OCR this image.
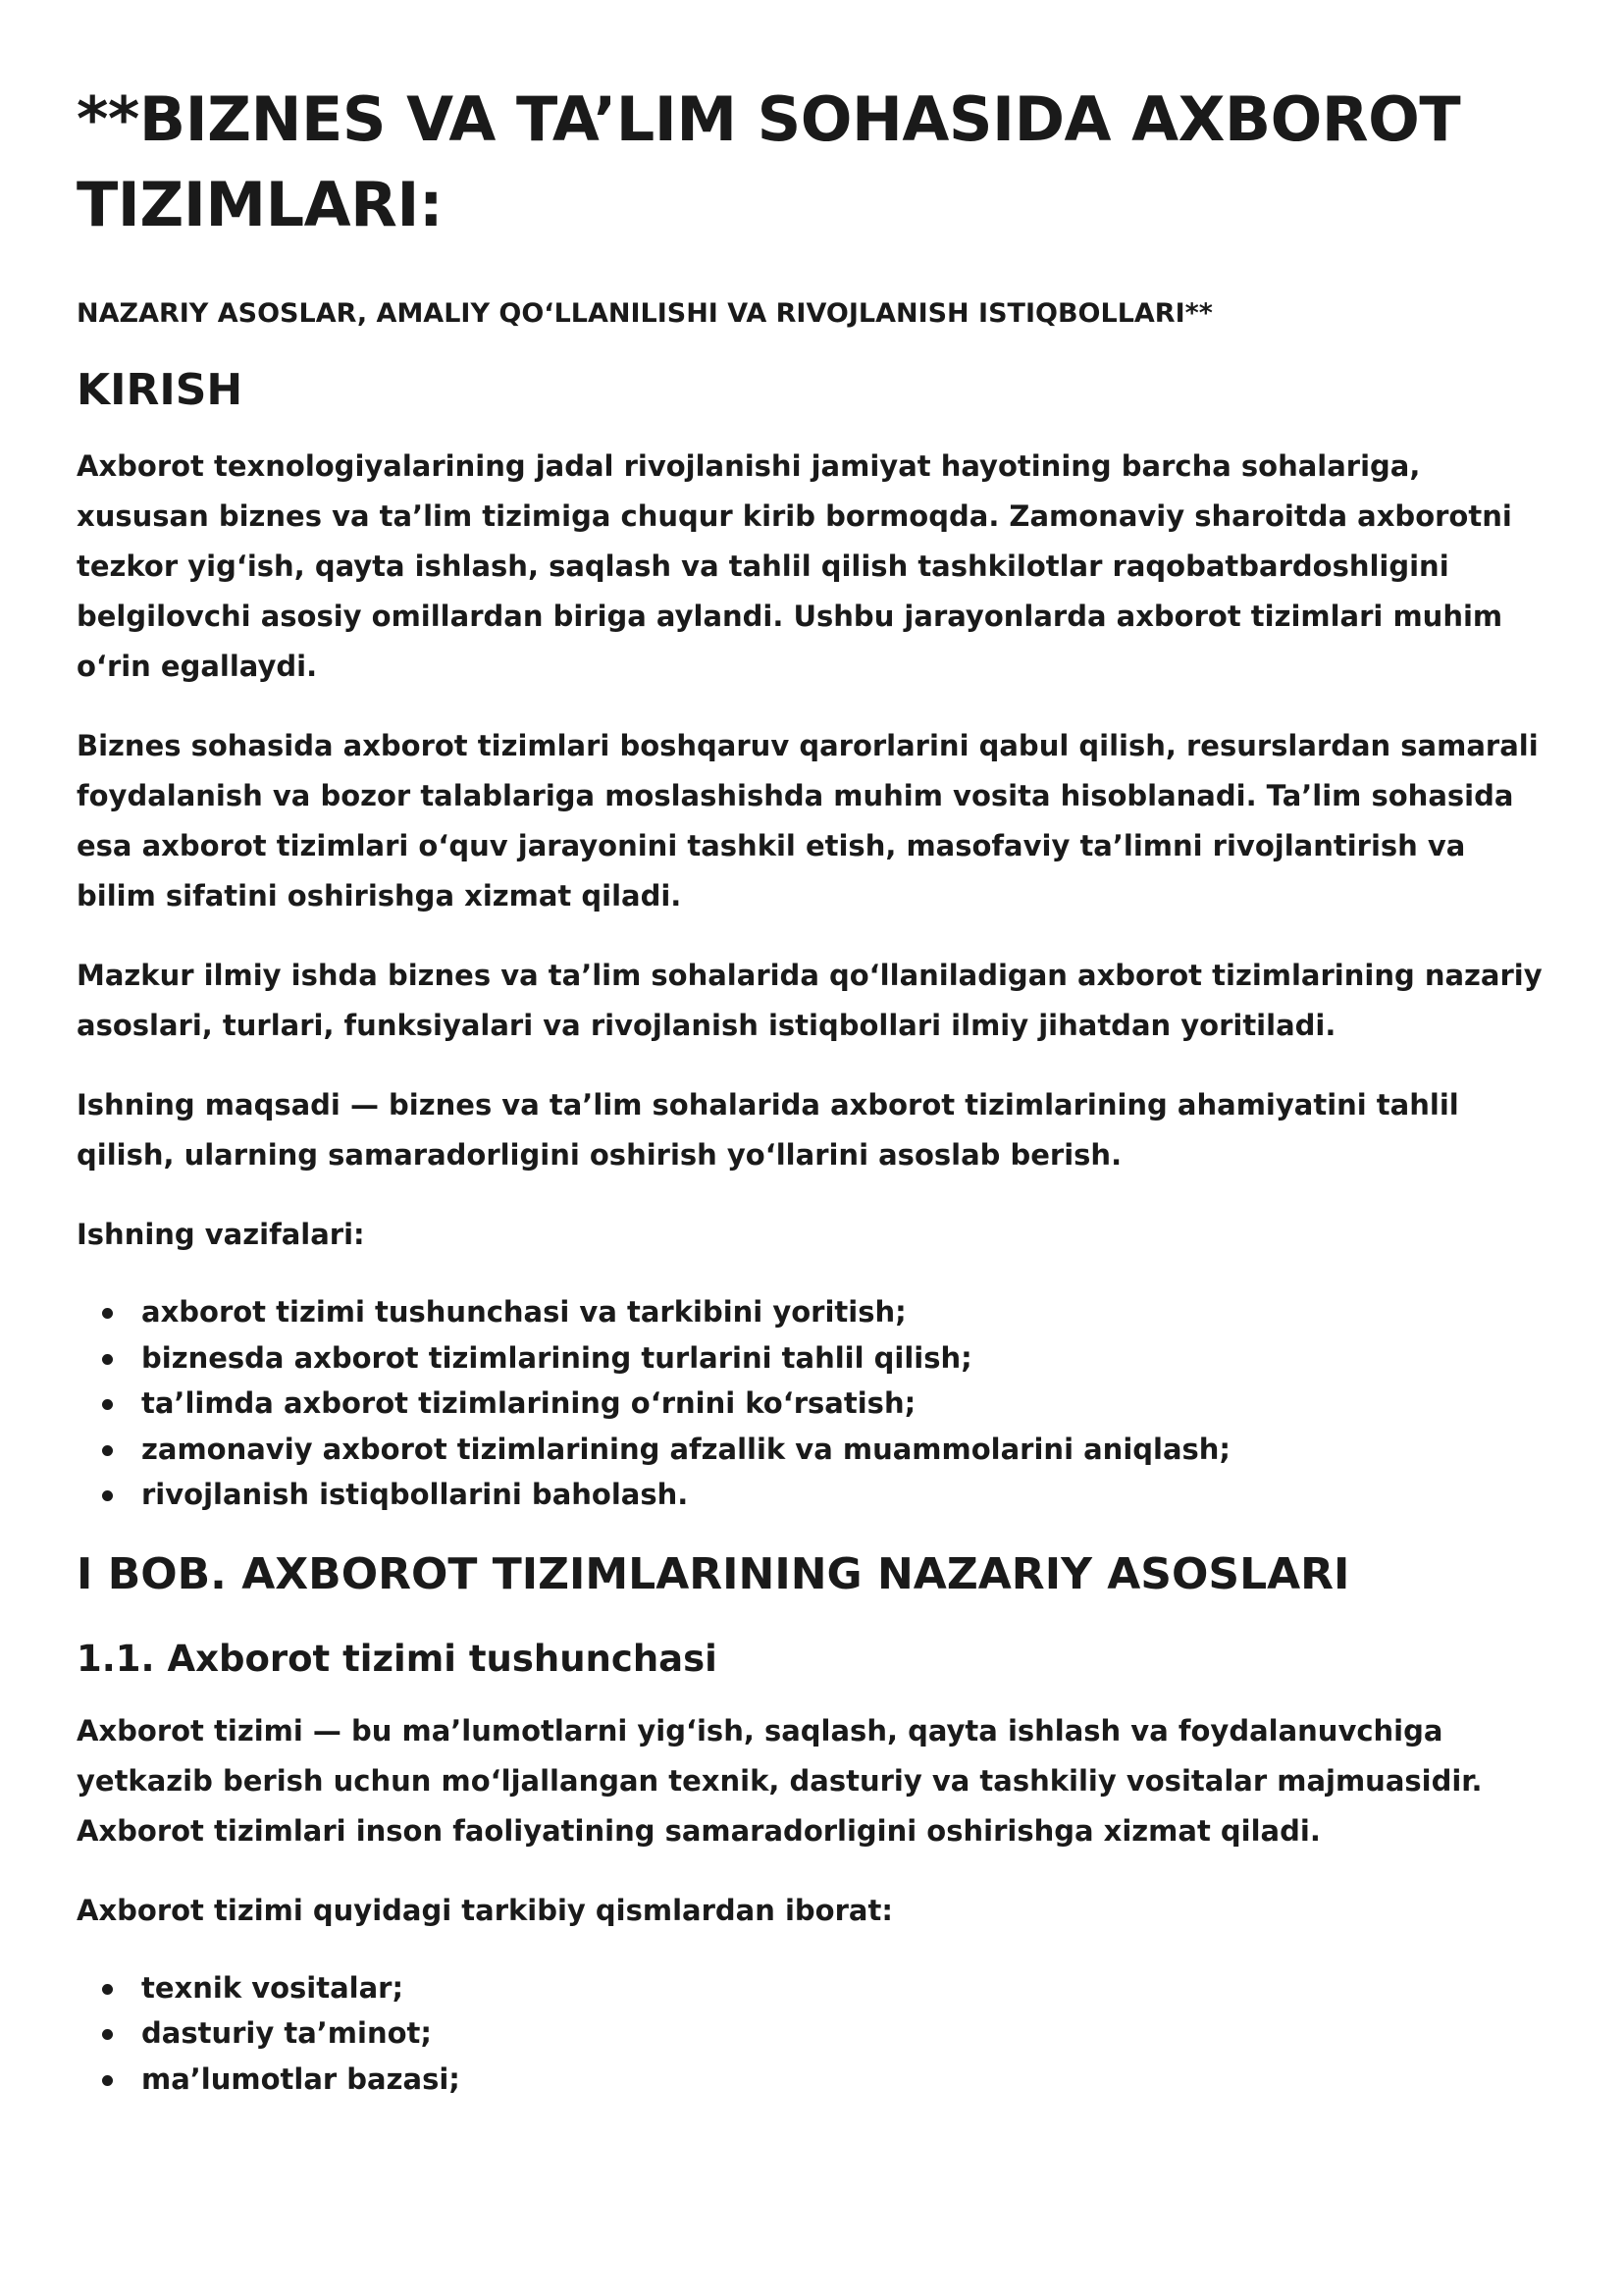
**BIZNES VA TA’LIM SOHASIDA AXBOROT TIZIMLARI:
NAZARIY ASOSLAR, AMALIY QO‘LLANILISHI VA RIVOJLANISH ISTIQBOLLARI**
KIRISH

Axborot texnologiyalarining jadal rivojlanishi jamiyat hayotining barcha sohalariga, xususan biznes va ta’lim tizimiga chuqur kirib bormoqda. Zamonaviy sharoitda axborotni tezkor yig‘ish, qayta ishlash, saqlash va tahlil qilish tashkilotlar raqobatbardoshligini belgilovchi asosiy omillardan biriga aylandi. Ushbu jarayonlarda axborot tizimlari muhim o‘rin egallaydi.

Biznes sohasida axborot tizimlari boshqaruv qarorlarini qabul qilish, resurslardan samarali foydalanish va bozor talablariga moslashishda muhim vosita hisoblanadi. Ta’lim sohasida esa axborot tizimlari o‘quv jarayonini tashkil etish, masofaviy ta’limni rivojlantirish va bilim sifatini oshirishga xizmat qiladi.

Mazkur ilmiy ishda biznes va ta’lim sohalarida qo‘llaniladigan axborot tizimlarining nazariy asoslari, turlari, funksiyalari va rivojlanish istiqbollari ilmiy jihatdan yoritiladi.

Ishning maqsadi — biznes va ta’lim sohalarida axborot tizimlarining ahamiyatini tahlil qilish, ularning samaradorligini oshirish yo‘llarini asoslab berish.

Ishning vazifalari:

axborot tizimi tushunchasi va tarkibini yoritish;
biznesda axborot tizimlarining turlarini tahlil qilish;
ta’limda axborot tizimlarining o‘rnini ko‘rsatish;
zamonaviy axborot tizimlarining afzallik va muammolarini aniqlash;
rivojlanish istiqbollarini baholash.
I BOB. AXBOROT TIZIMLARINING NAZARIY ASOSLARI
1.1. Axborot tizimi tushunchasi

Axborot tizimi — bu ma’lumotlarni yig‘ish, saqlash, qayta ishlash va foydalanuvchiga yetkazib berish uchun mo‘ljallangan texnik, dasturiy va tashkiliy vositalar majmuasidir. Axborot tizimlari inson faoliyatining samaradorligini oshirishga xizmat qiladi.

Axborot tizimi quyidagi tarkibiy qismlardan iborat:

texnik vositalar;
dasturiy ta’minot;
ma’lumotlar bazasi;
